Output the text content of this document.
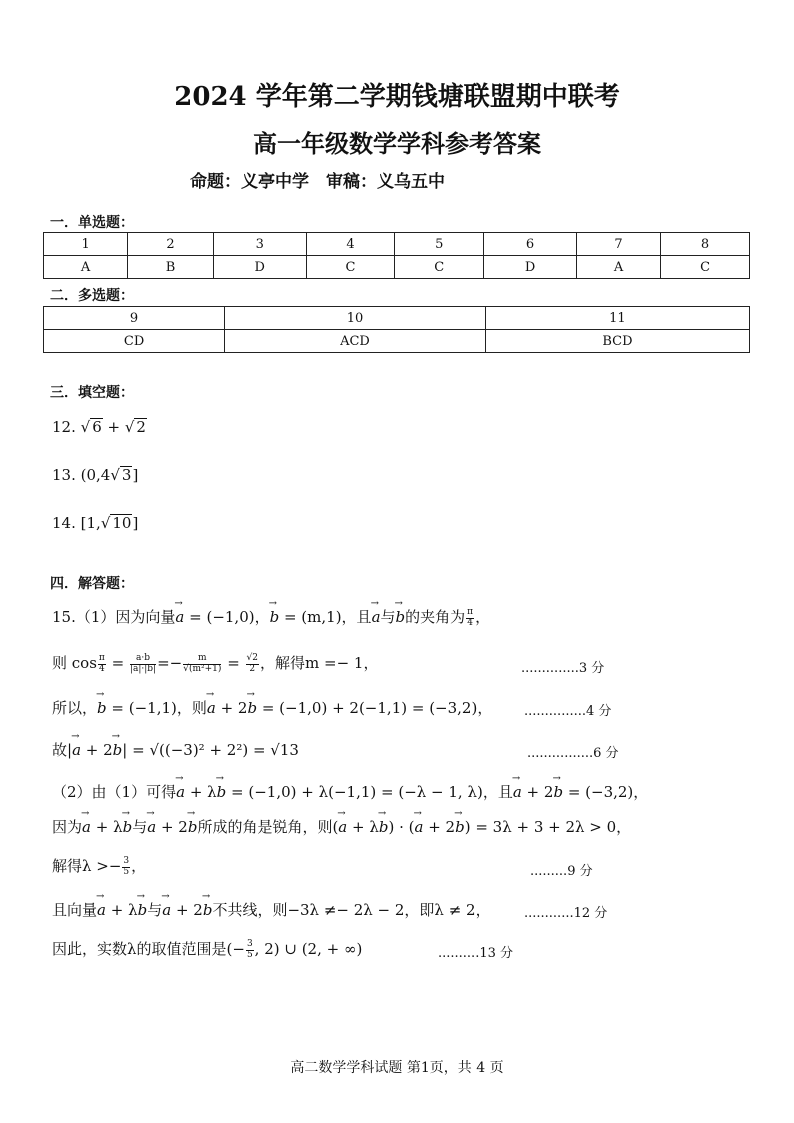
2024 学年第二学期钱塘联盟期中联考
高一年级数学学科参考答案
命题：义亭中学　审稿：义乌五中
一．单选题：
1	2	3	4	5	6	7	8
A	B	D	C	C	D	A	C
二．多选题：
9	10	11
CD	ACD	BCD
三．填空题：
12. √ 6 + √ 2
13. (0,4√ 3]
14. [1,√ 10]
四．解答题：
15.（1）因为向量→ a = (−1,0)，→ b = (m,1)，且→ a与→ b的夹角为 $\frac{\pi}{4}$ ，
则 $\cos \frac{\pi}{4} = \frac{a\cdot b}{|a|\cdot|b|} =- \frac{m}{\text{√(m²+1)}} = \frac{√2}{2}$ ，解得m =− 1，	..............3 分
所以，→ b = (−1,1)，则→ a + 2→ b = (−1,0) + 2(−1,1) = (−3,2)， ...............4 分
故|→ a + 2→ b| = √((−3)² + 2²) = √13	................6 分
（2）由（1）可得→ a + λ→ b = (−1,0) + λ(−1,1) = (−λ − 1, λ)，且→ a + 2→ b = (−3,2)，
因为→ a + λ→ b与→ a + 2→ b所成的角是锐角，则(→ a + λ→ b) · (→ a + 2→ b) = 3λ + 3 + 2λ > 0，
解得$\lambda >- \frac{3}{5}$ ，	.........9 分
且向量→ a + λ→ b与→ a + 2→ b不共线，则−3λ ≠− 2λ − 2，即λ ≠ 2，	............12 分
因此，实数λ的取值范围是(− $\frac{3}{5}$ , 2) ∪ (2, + ∞)	..........13 分
高二数学学科试题 第1页，共 4 页
